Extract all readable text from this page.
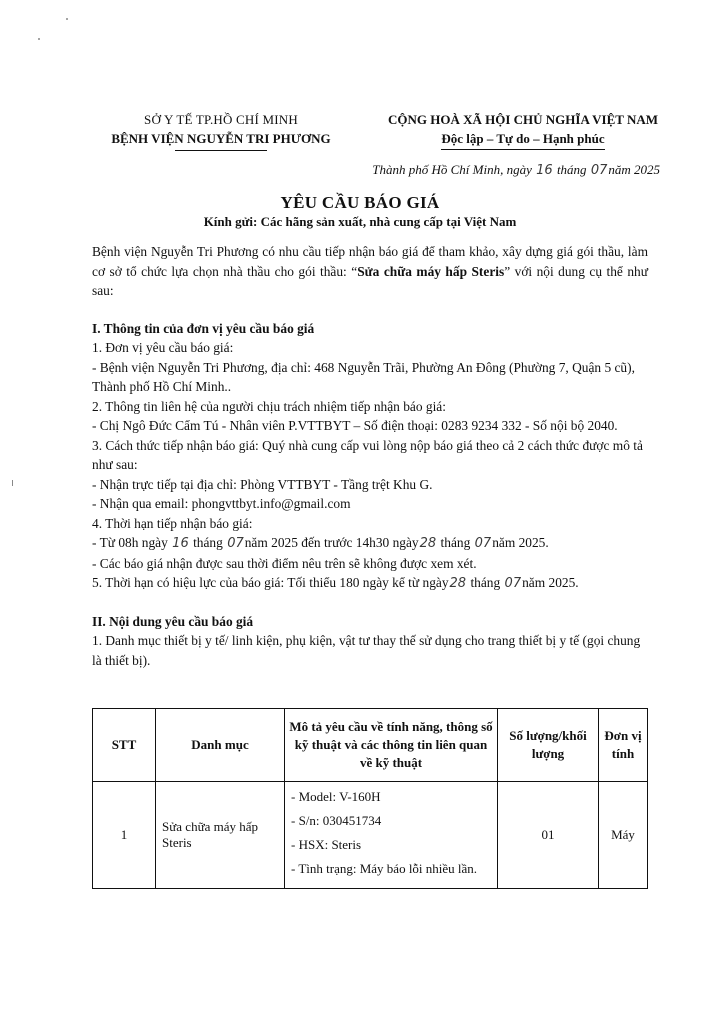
SỞ Y TẾ TP.HỒ CHÍ MINH
BỆNH VIỆN NGUYỄN TRI PHƯƠNG
CỘNG HOÀ XÃ HỘI CHỦ NGHĨA VIỆT NAM
Độc lập – Tự do – Hạnh phúc
Thành phố Hồ Chí Minh, ngày 16 tháng 07năm 2025
YÊU CẦU BÁO GIÁ
Kính gửi: Các hãng sản xuất, nhà cung cấp tại Việt Nam

Bệnh viện Nguyễn Tri Phương có nhu cầu tiếp nhận báo giá để tham khảo, xây dựng giá gói thầu, làm cơ sở tổ chức lựa chọn nhà thầu cho gói thầu: “Sửa chữa máy hấp Steris” với nội dung cụ thể như sau:

I. Thông tin của đơn vị yêu cầu báo giá

1. Đơn vị yêu cầu báo giá:

- Bệnh viện Nguyễn Tri Phương, địa chỉ: 468 Nguyễn Trãi, Phường An Đông (Phường 7, Quận 5 cũ), Thành phố Hồ Chí Minh..

2. Thông tin liên hệ của người chịu trách nhiệm tiếp nhận báo giá:

- Chị Ngô Đức Cẩm Tú - Nhân viên P.VTTBYT – Số điện thoại: 0283 9234 332 - Số nội bộ 2040.

3. Cách thức tiếp nhận báo giá: Quý nhà cung cấp vui lòng nộp báo giá theo cả 2 cách thức được mô tả như sau:

- Nhận trực tiếp tại địa chỉ: Phòng VTTBYT - Tầng trệt Khu G.

- Nhận qua email: phongvttbyt.info@gmail.com

4. Thời hạn tiếp nhận báo giá:

- Từ 08h ngày 16 tháng 07năm 2025 đến trước 14h30 ngày28 tháng 07năm 2025.

- Các báo giá nhận được sau thời điểm nêu trên sẽ không được xem xét.

5. Thời hạn có hiệu lực của báo giá: Tối thiểu 180 ngày kể từ ngày28 tháng 07năm 2025.

II. Nội dung yêu cầu báo giá

1. Danh mục thiết bị y tế/ linh kiện, phụ kiện, vật tư thay thế sử dụng cho trang thiết bị y tế (gọi chung là thiết bị).

STT	Danh mục	Mô tả yêu cầu về tính năng, thông số kỹ thuật và các thông tin liên quan về kỹ thuật	Số lượng/khối lượng	Đơn vị tính
1	Sửa chữa máy hấp Steris	- Model: V-160H
- S/n: 030451734
- HSX: Steris
- Tình trạng: Máy báo lỗi nhiều lần.	01	Máy
